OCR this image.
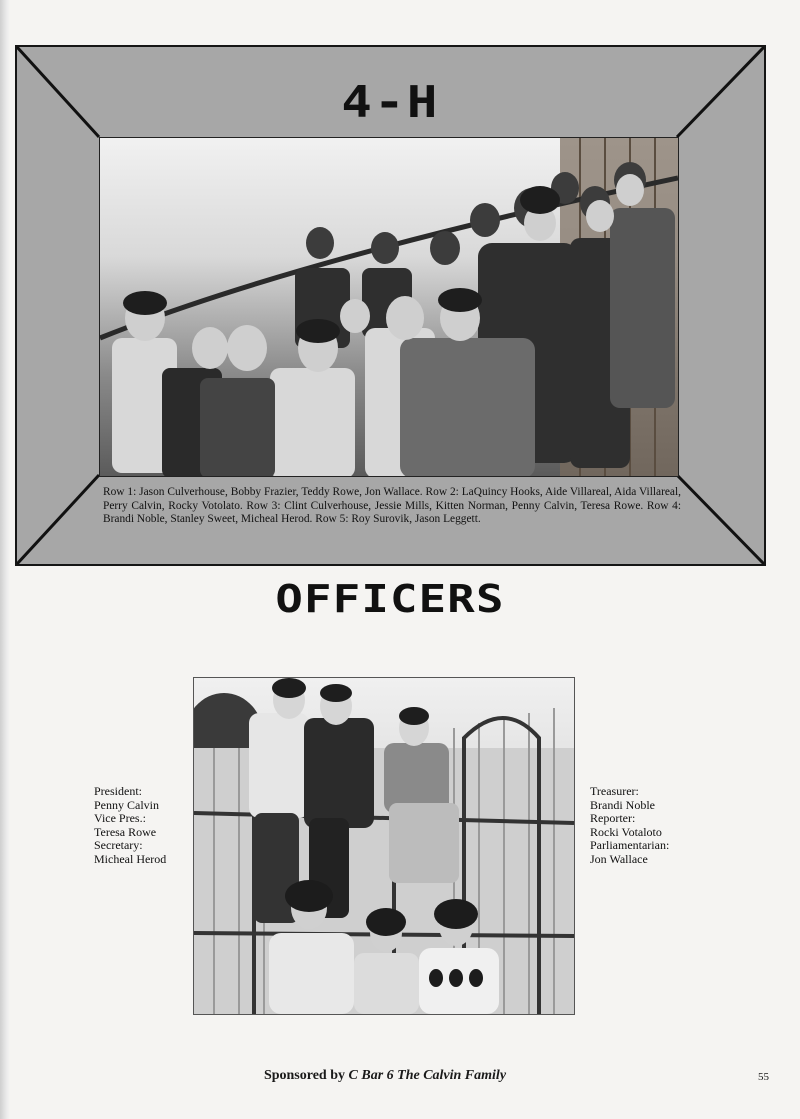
4-H
Row 1: Jason Culverhouse, Bobby Frazier, Teddy Rowe, Jon Wallace. Row 2: LaQuincy Hooks, Aide Villareal, Aida Villareal, Perry Calvin, Rocky Votolato. Row 3: Clint Culverhouse, Jessie Mills, Kitten Norman, Penny Calvin, Teresa Rowe. Row 4: Brandi Noble, Stanley Sweet, Micheal Herod. Row 5: Roy Surovik, Jason Leggett.
OFFICERS
President:
Penny Calvin
Vice Pres.:
Teresa Rowe
Secretary:
Micheal Herod
Treasurer:
Brandi Noble
Reporter:
Rocki Votaloto
Parliamentarian:
Jon Wallace
Sponsored by C Bar 6 The Calvin Family	55
